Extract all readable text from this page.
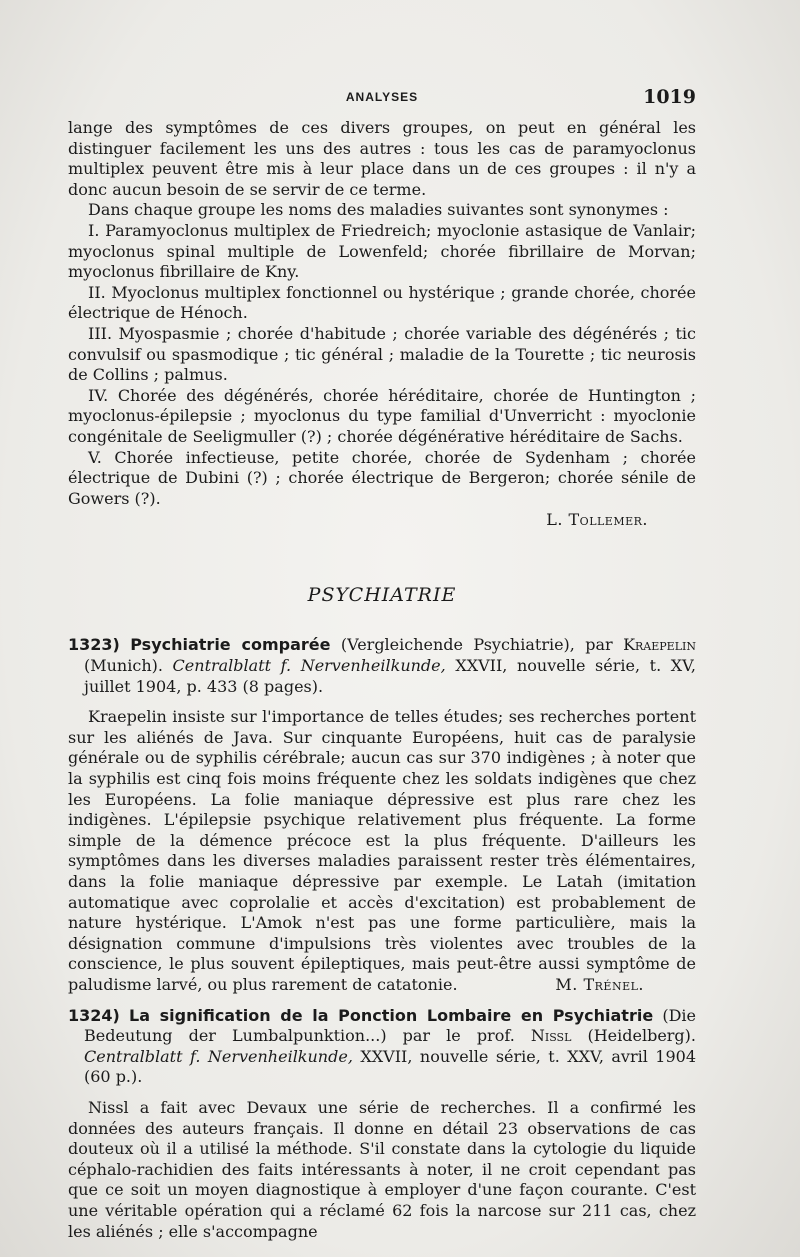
ANALYSES	1019

lange des symptômes de ces divers groupes, on peut en général les distinguer facilement les uns des autres : tous les cas de paramyoclonus multiplex peuvent être mis à leur place dans un de ces groupes : il n'y a donc aucun besoin de se servir de ce terme.

Dans chaque groupe les noms des maladies suivantes sont synonymes :

I. Paramyoclonus multiplex de Friedreich; myoclonie astasique de Vanlair; myoclonus spinal multiple de Lowenfeld; chorée fibrillaire de Morvan; myoclonus fibrillaire de Kny.

II. Myoclonus multiplex fonctionnel ou hystérique ; grande chorée, chorée électrique de Hénoch.

III. Myospasmie ; chorée d'habitude ; chorée variable des dégénérés ; tic convulsif ou spasmodique ; tic général ; maladie de la Tourette ; tic neurosis de Collins ; palmus.

IV. Chorée des dégénérés, chorée héréditaire, chorée de Huntington ; myoclonus-épilepsie ; myoclonus du type familial d'Unverricht : myoclonie congénitale de Seeligmuller (?) ; chorée dégénérative héréditaire de Sachs.

V. Chorée infectieuse, petite chorée, chorée de Sydenham ; chorée électrique de Dubini (?) ; chorée électrique de Bergeron; chorée sénile de Gowers (?).

L. Tollemer.

PSYCHIATRIE

1323) Psychiatrie comparée (Vergleichende Psychiatrie), par Kraepelin (Munich). Centralblatt f. Nervenheilkunde, XXVII, nouvelle série, t. XV, juillet 1904, p. 433 (8 pages).

Kraepelin insiste sur l'importance de telles études; ses recherches portent sur les aliénés de Java. Sur cinquante Européens, huit cas de paralysie générale ou de syphilis cérébrale; aucun cas sur 370 indigènes ; à noter que la syphilis est cinq fois moins fréquente chez les soldats indigènes que chez les Européens. La folie maniaque dépressive est plus rare chez les indigènes. L'épilepsie psychique relativement plus fréquente. La forme simple de la démence précoce est la plus fréquente. D'ailleurs les symptômes dans les diverses maladies paraissent rester très élémentaires, dans la folie maniaque dépressive par exemple. Le Latah (imitation automatique avec coprolalie et accès d'excitation) est probablement de nature hystérique. L'Amok n'est pas une forme particulière, mais la désignation commune d'impulsions très violentes avec troubles de la conscience, le plus souvent épileptiques, mais peut-être aussi symptôme de paludisme larvé, ou plus rarement de catatonie.	M. Trénel.

1324) La signification de la Ponction Lombaire en Psychiatrie (Die Bedeutung der Lumbalpunktion...) par le prof. Nissl (Heidelberg). Centralblatt f. Nervenheilkunde, XXVII, nouvelle série, t. XXV, avril 1904 (60 p.).

Nissl a fait avec Devaux une série de recherches. Il a confirmé les données des auteurs français. Il donne en détail 23 observations de cas douteux où il a utilisé la méthode. S'il constate dans la cytologie du liquide céphalo-rachidien des faits intéressants à noter, il ne croit cependant pas que ce soit un moyen diagnostique à employer d'une façon courante. C'est une véritable opération qui a réclamé 62 fois la narcose sur 211 cas, chez les aliénés ; elle s'accompagne
